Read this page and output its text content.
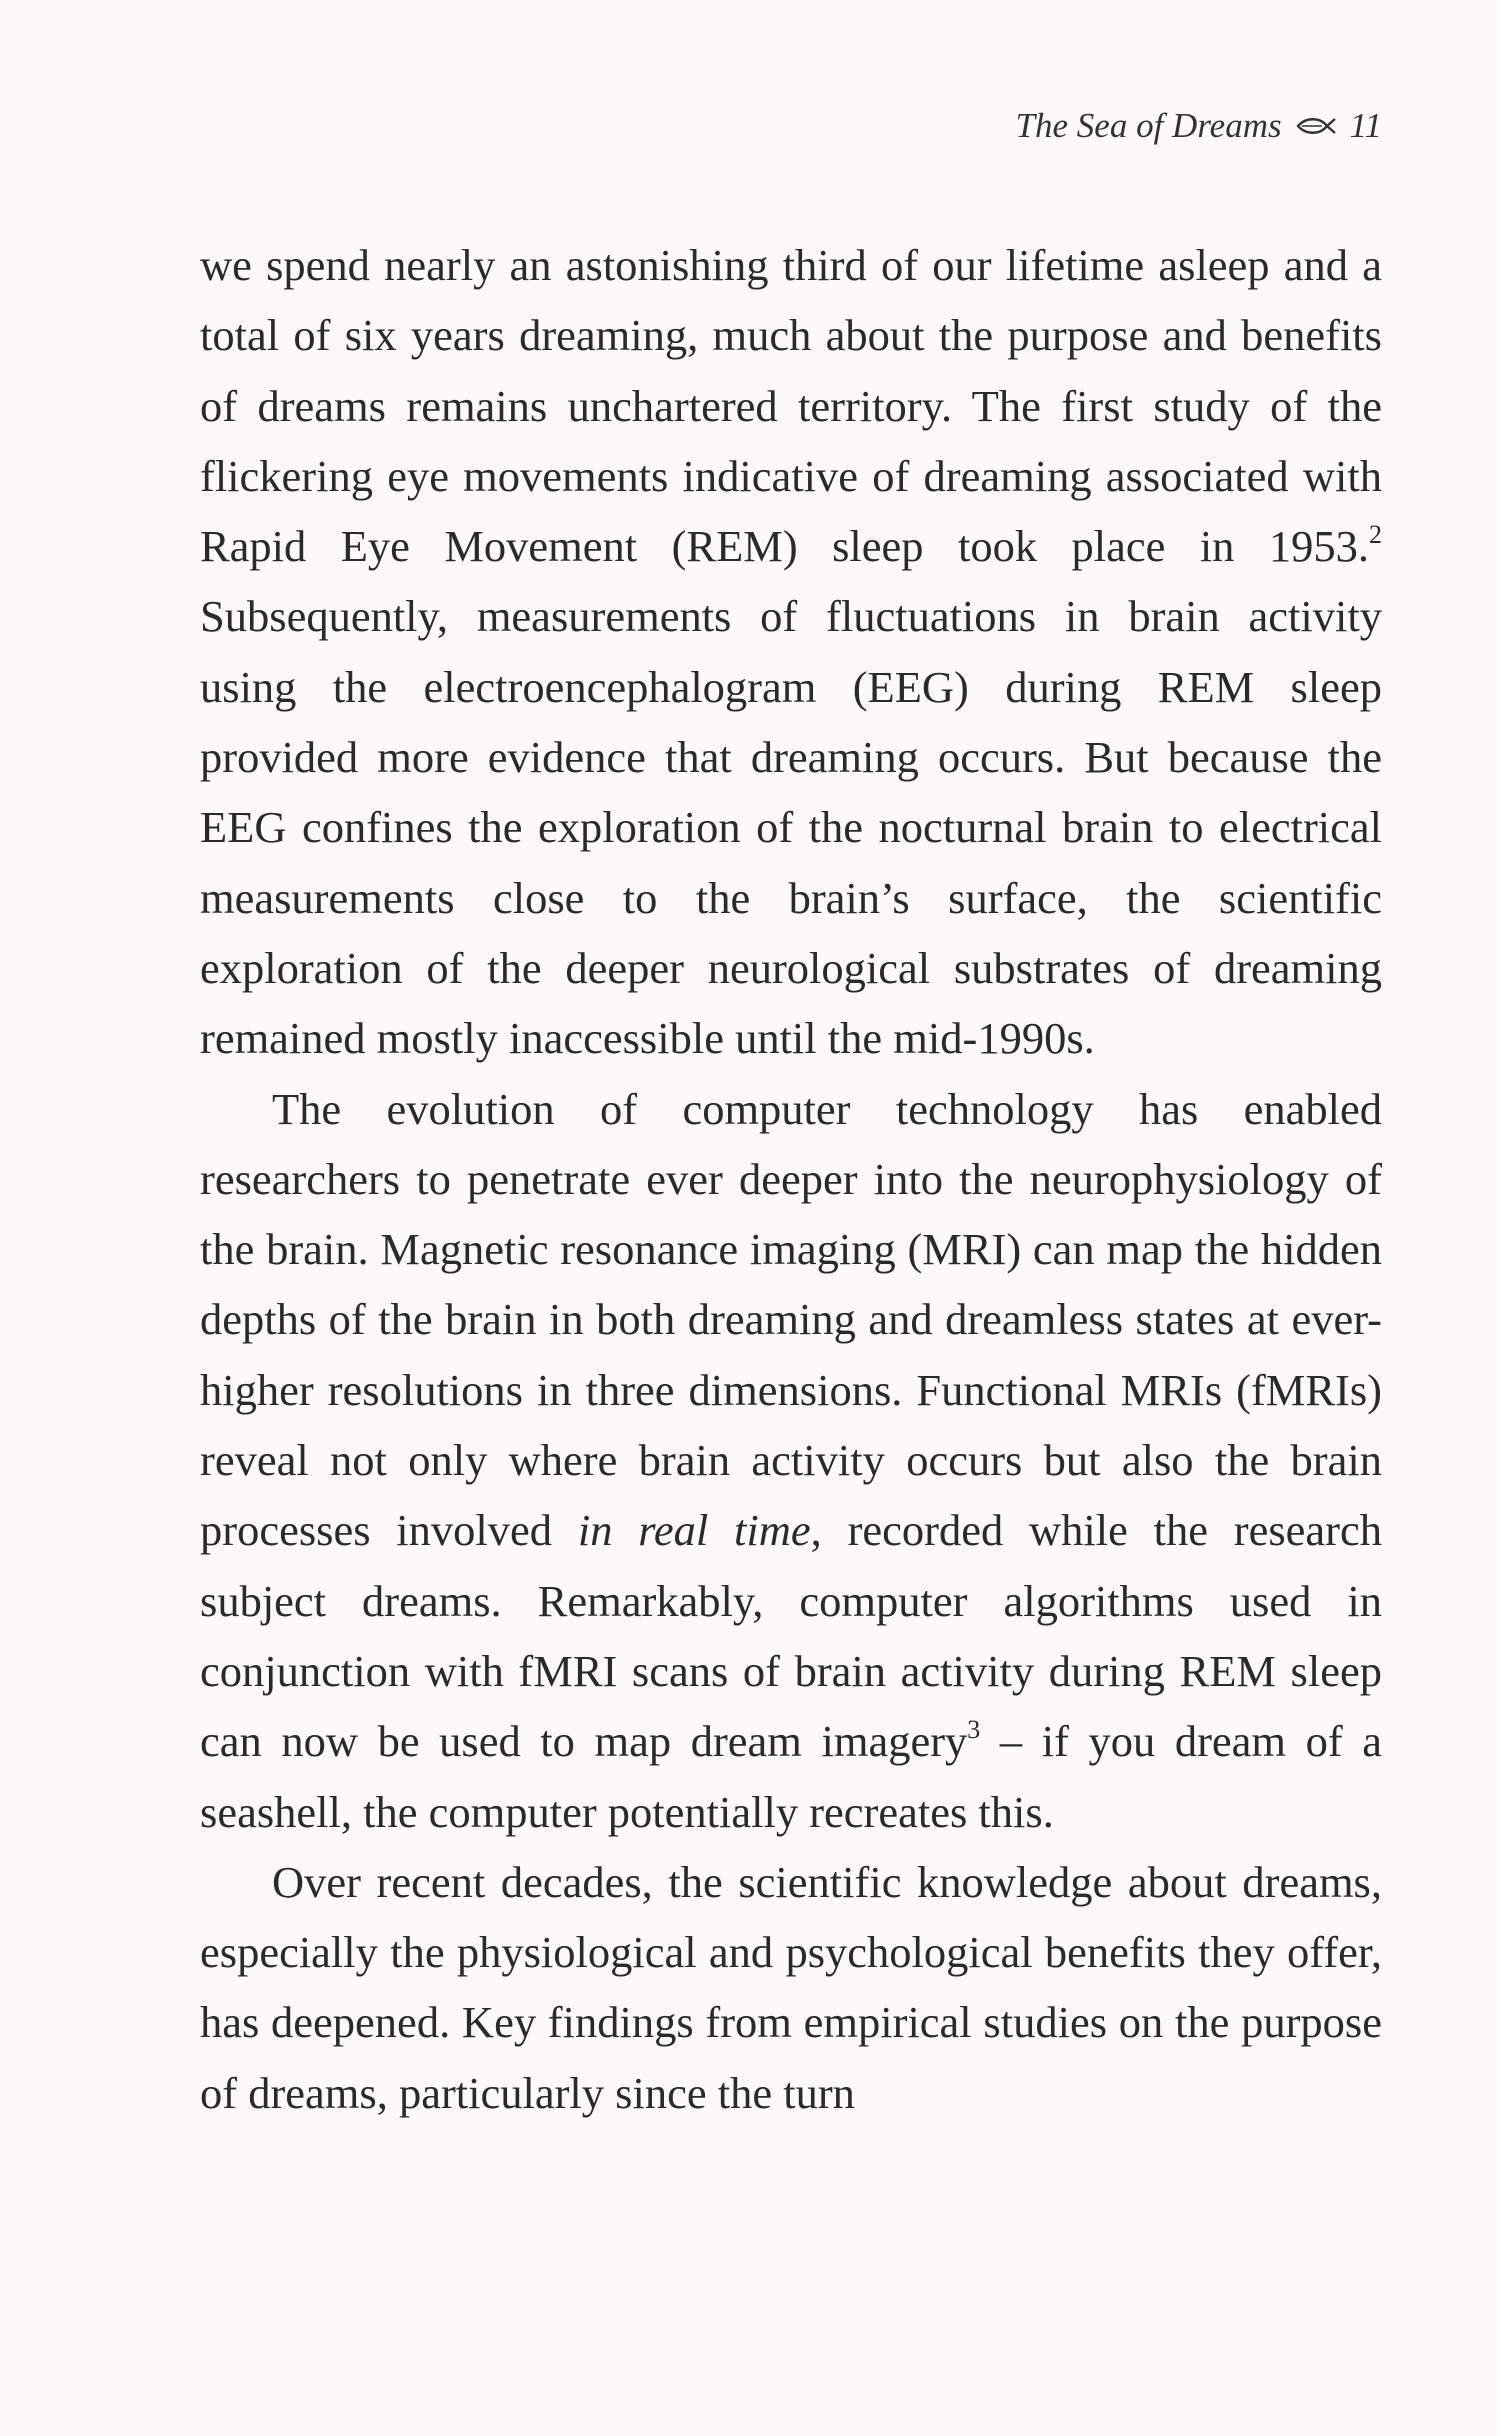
The Sea of Dreams 11

we spend nearly an astonishing third of our lifetime asleep and a total of six years dreaming, much about the purpose and benefits of dreams remains unchartered territory. The first study of the flickering eye movements indicative of dreaming associated with Rapid Eye Movement (REM) sleep took place in 1953.$^2$ Subsequently, measurements of fluctuations in brain activity using the electroencephalogram (EEG) during REM sleep provided more evidence that dreaming occurs. But because the EEG confines the exploration of the nocturnal brain to electrical measurements close to the brain’s surface, the scientific exploration of the deeper neurological substrates of dreaming remained mostly inaccessible until the mid-1990s.

The evolution of computer technology has enabled researchers to penetrate ever deeper into the neurophysiology of the brain. Magnetic resonance imaging (MRI) can map the hidden depths of the brain in both dreaming and dreamless states at ever-higher resolutions in three dimensions. Functional MRIs (fMRIs) reveal not only where brain activity occurs but also the brain processes involved in real time, recorded while the research subject dreams. Remarkably, computer algorithms used in conjunction with fMRI scans of brain activity during REM sleep can now be used to map dream imagery$^3$ – if you dream of a seashell, the computer potentially recreates this.

Over recent decades, the scientific knowledge about dreams, especially the physiological and psychological benefits they offer, has deepened. Key findings from empirical studies on the purpose of dreams, particularly since the turn
